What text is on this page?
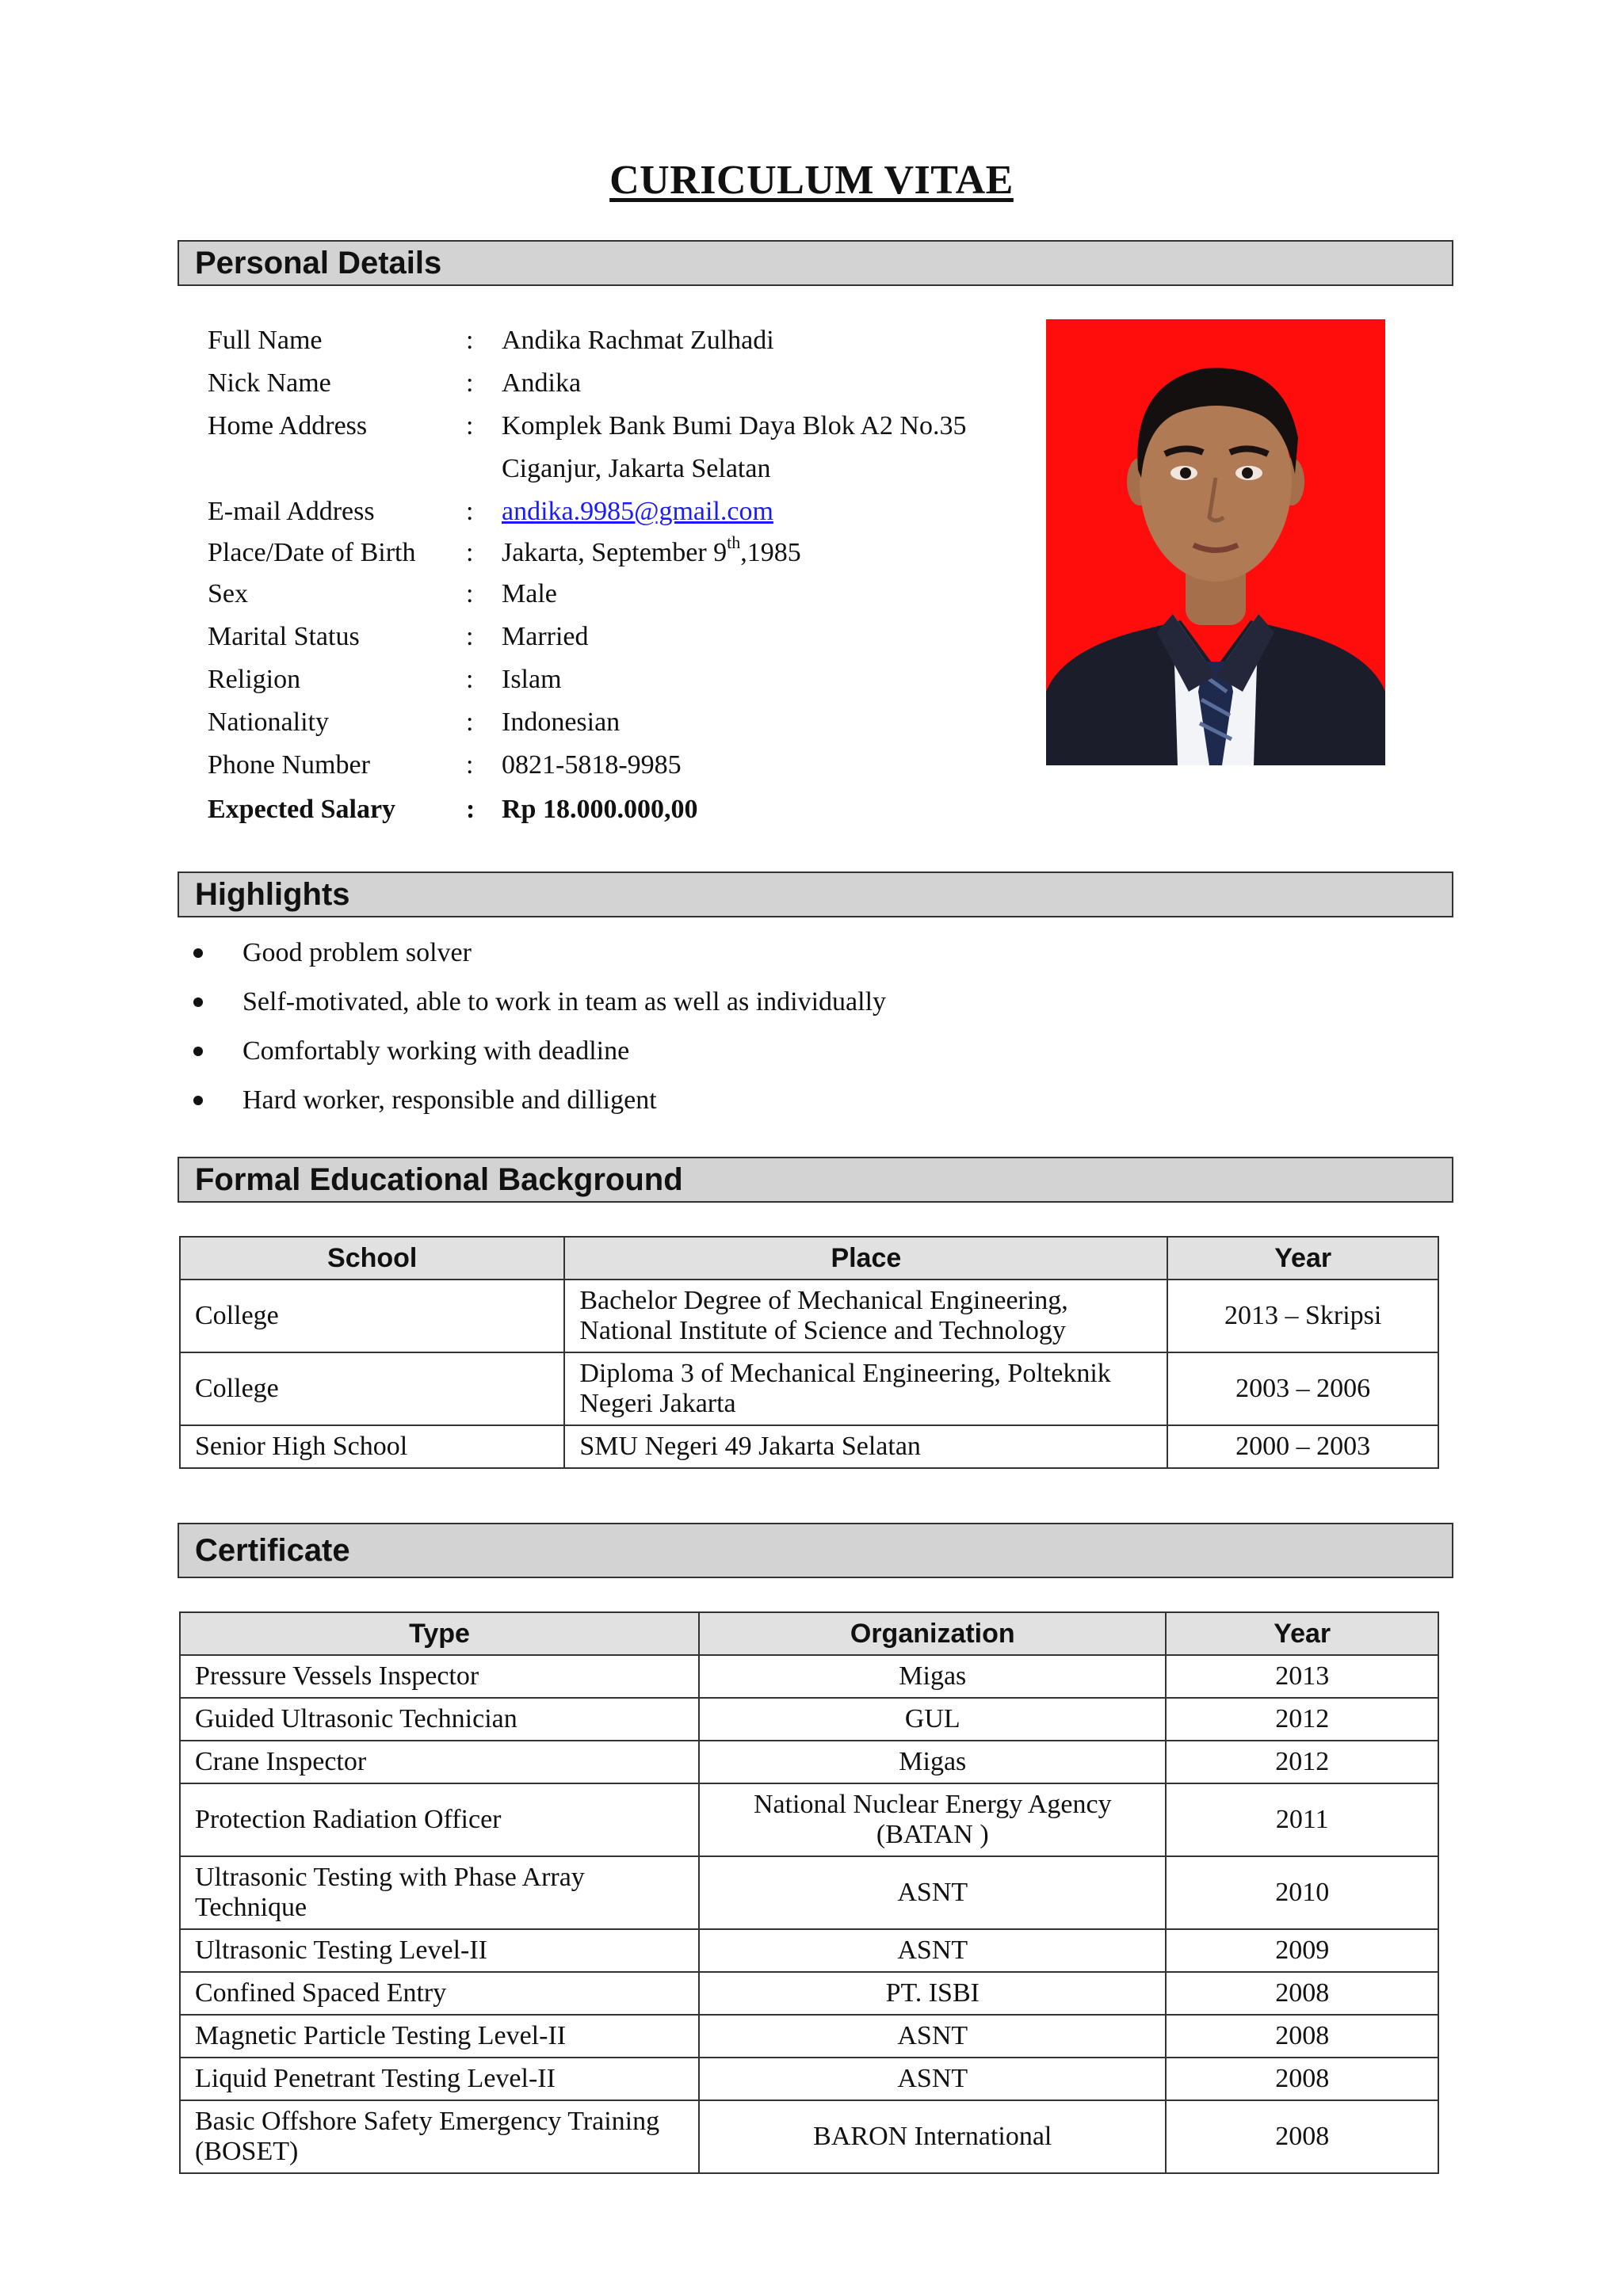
CURICULUM VITAE
Personal Details
Full Name	: Andika Rachmat Zulhadi
Nick Name	: Andika
Home Address	: Komplek Bank Bumi Daya Blok A2 No.35
Ciganjur, Jakarta Selatan
E-mail Address	: andika.9985@gmail.com
Place/Date of Birth : Jakarta, September 9th,1985
Sex	: Male
Marital Status	: Married
Religion	: Islam
Nationality	: Indonesian
Phone Number	: 0821-5818-9985
Expected Salary	: Rp 18.000.000,00
Highlights
Good problem solver
Self-motivated, able to work in team as well as individually
Comfortably working with deadline
Hard worker, responsible and dilligent
Formal Educational Background
School	Place	Year
College	Bachelor Degree of Mechanical Engineering, National Institute of Science and Technology	2013 – Skripsi
College	Diploma 3 of Mechanical Engineering, Polteknik Negeri Jakarta	2003 – 2006
Senior High School	SMU Negeri 49 Jakarta Selatan	2000 – 2003
Certificate
Type	Organization	Year
Pressure Vessels Inspector	Migas	2013
Guided Ultrasonic Technician	GUL	2012
Crane Inspector	Migas	2012
Protection Radiation Officer	National Nuclear Energy Agency (BATAN )	2011
Ultrasonic Testing with Phase Array Technique	ASNT	2010
Ultrasonic Testing Level-II	ASNT	2009
Confined Spaced Entry	PT. ISBI	2008
Magnetic Particle Testing Level-II	ASNT	2008
Liquid Penetrant Testing Level-II	ASNT	2008
Basic Offshore Safety Emergency Training (BOSET)	BARON International	2008
